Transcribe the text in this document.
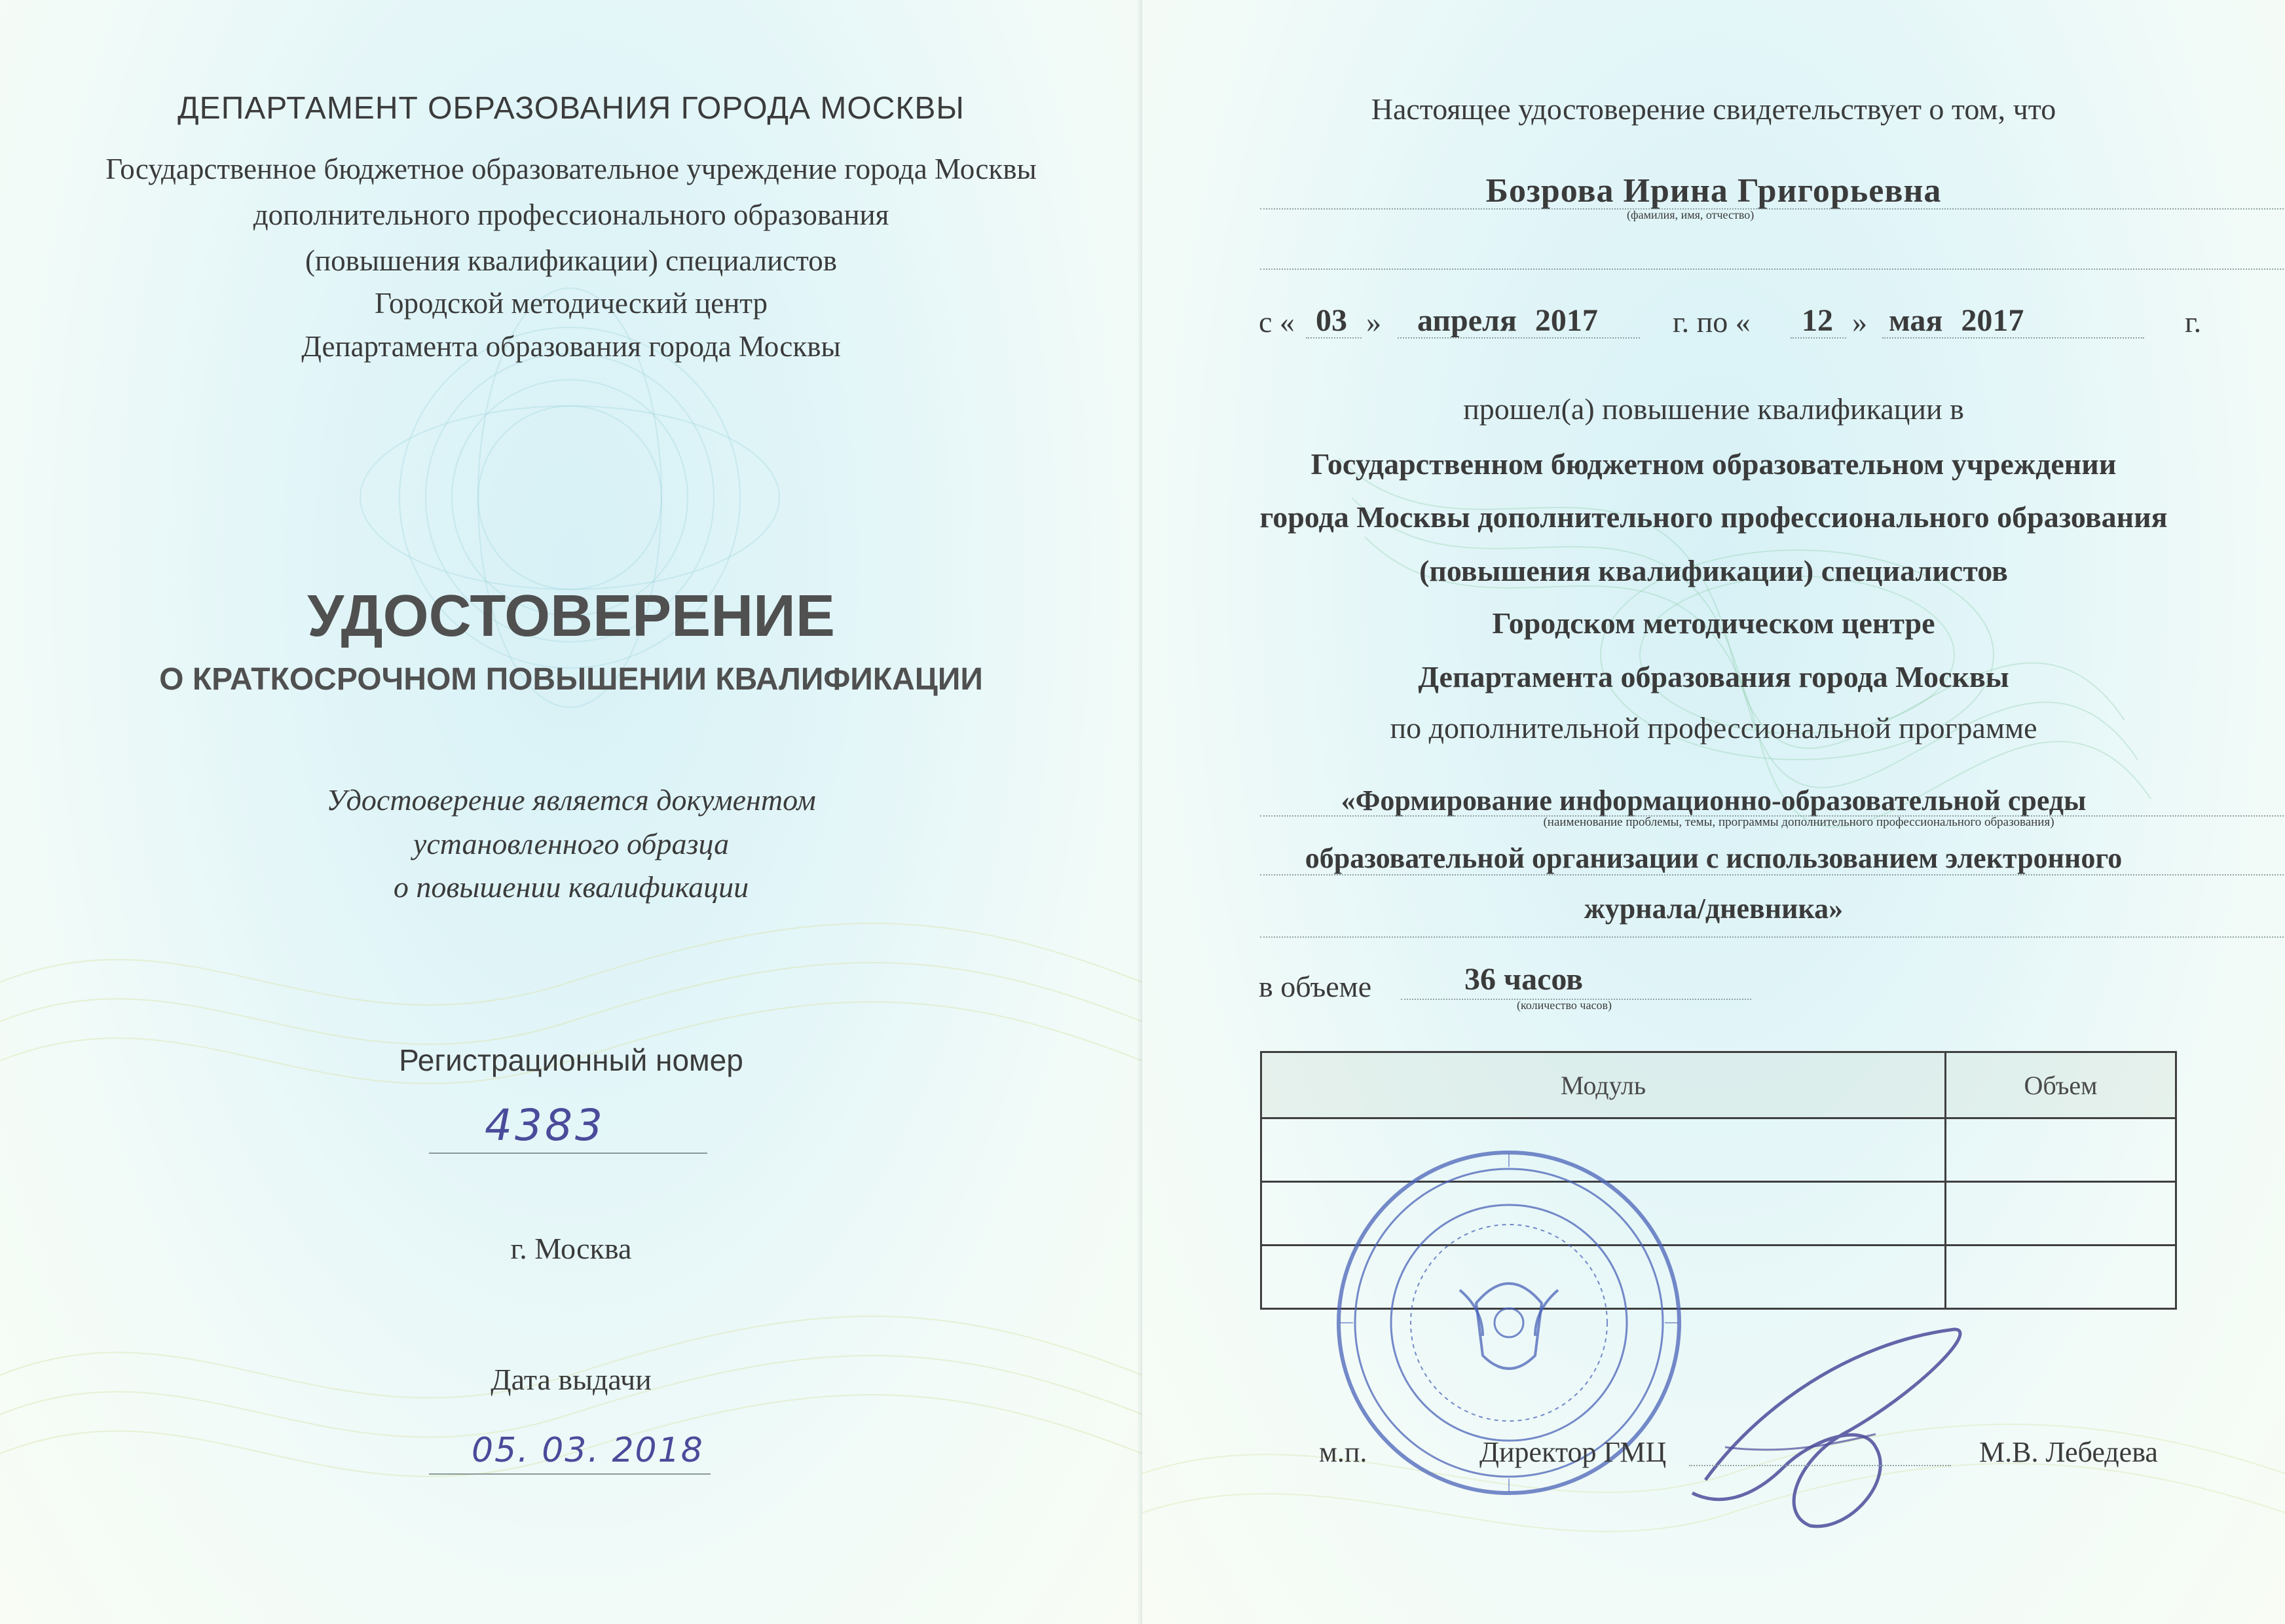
ДЕПАРТАМЕНТ ОБРАЗОВАНИЯ ГОРОДА МОСКВЫ
Государственное бюджетное образовательное учреждение города Москвы
дополнительного профессионального образования
(повышения квалификации) специалистов
Городской методический центр
Департамента образования города Москвы
УДОСТОВЕРЕНИЕ
О КРАТКОСРОЧНОМ ПОВЫШЕНИИ КВАЛИФИКАЦИИ
Удостоверение является документом
установленного образца
о повышении квалификации
Регистрационный номер
4383
г. Москва
Дата выдачи
05. 03. 2018
Настоящее удостоверение свидетельствует о том, что
Бозрова Ирина Григорьевна
(фамилия, имя, отчество)
с « 03 » апреля 2017 г. по « 12 » мая 2017	г.
прошел(а) повышение квалификации в
Государственном бюджетном образовательном учреждении
города Москвы дополнительного профессионального образования
(повышения квалификации) специалистов
Городском методическом центре
Департамента образования города Москвы
по дополнительной профессиональной программе
«Формирование информационно-образовательной среды
(наименование проблемы, темы, программы дополнительного профессионального образования)
образовательной организации с использованием электронного
журнала/дневника»
в объеме	36 часов
(количество часов)
Модуль	Объем

м.п.	Директор ГМЦ	М.В. Лебедева
